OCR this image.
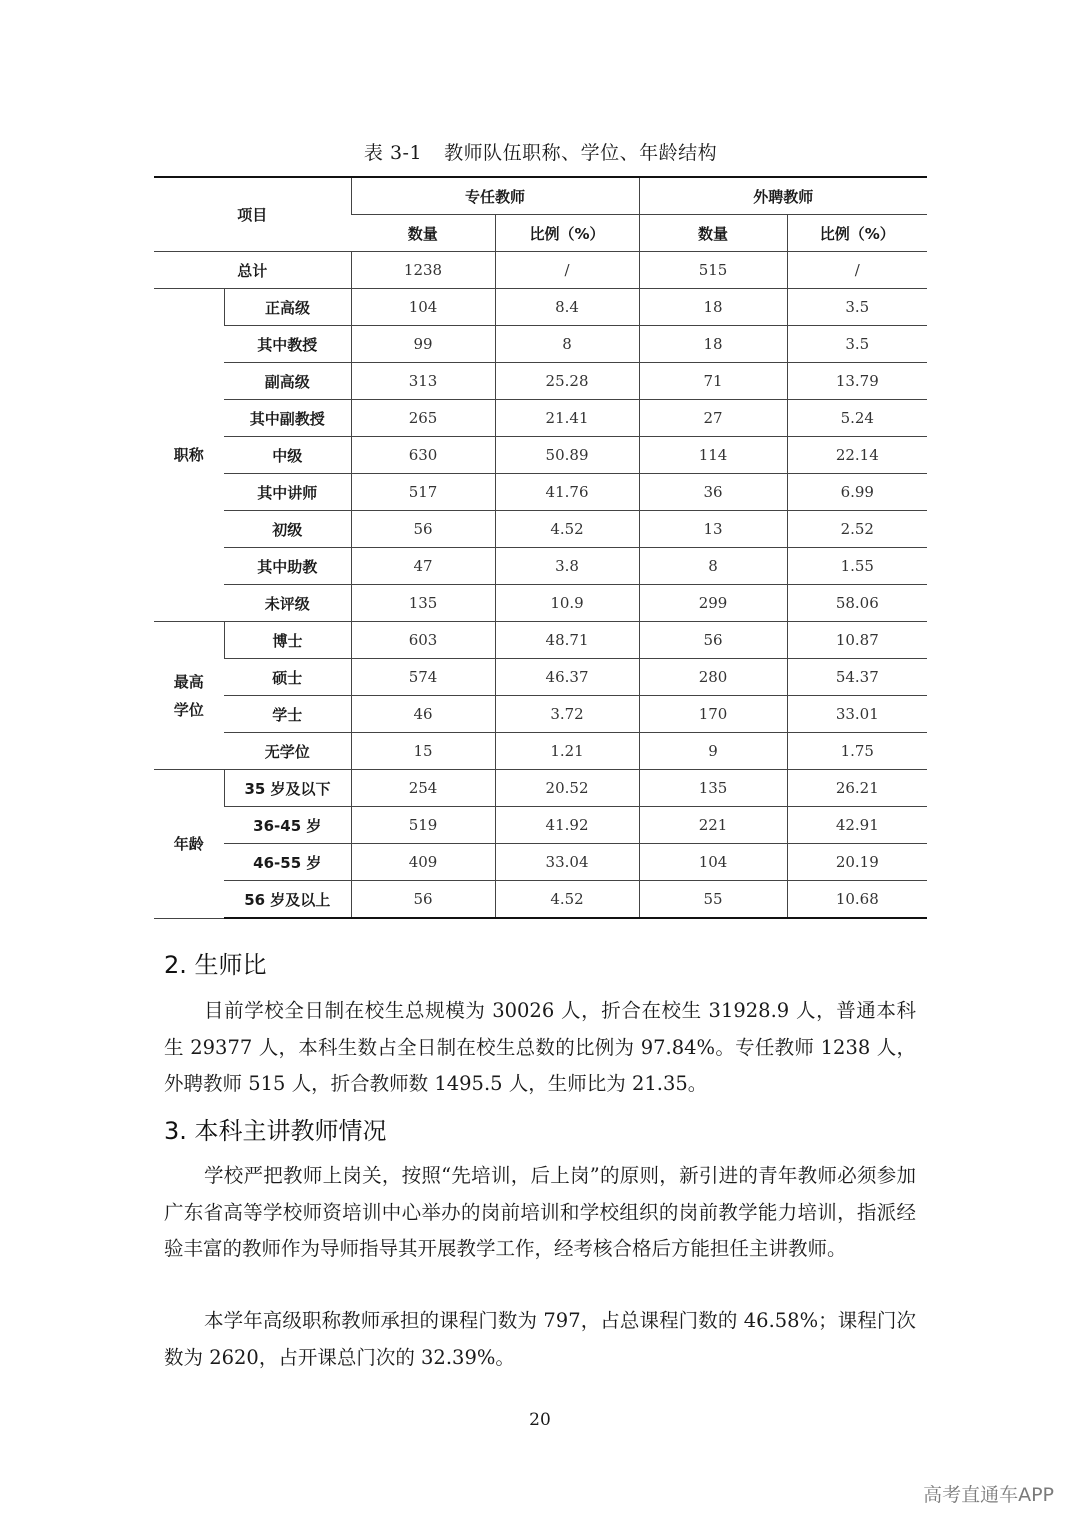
表 3-1 教师队伍职称、学位、年龄结构
项目		专任教师		外聘教师	
		数量	比例（%）	数量	比例（%）
总计		1238	/	515	/
职称	正高级	104	8.4	18	3.5
	其中教授	99	8	18	3.5
	副高级	313	25.28	71	13.79
	其中副教授	265	21.41	27	5.24
	中级	630	50.89	114	22.14
	其中讲师	517	41.76	36	6.99
	初级	56	4.52	13	2.52
	其中助教	47	3.8	8	1.55
	未评级	135	10.9	299	58.06
最高
学位	博士	603	48.71	56	10.87
	硕士	574	46.37	280	54.37
	学士	46	3.72	170	33.01
	无学位	15	1.21	9	1.75
年龄	35 岁及以下	254	20.52	135	26.21
	36-45 岁	519	41.92	221	42.91
	46-55 岁	409	33.04	104	20.19
	56 岁及以上	56	4.52	55	10.68
2. 生师比

目前学校全日制在校生总规模为 30026 人，折合在校生 31928.9 人，普通本科生 29377 人，本科生数占全日制在校生总数的比例为 97.84%。专任教师 1238 人，外聘教师 515 人，折合教师数 1495.5 人，生师比为 21.35。

3. 本科主讲教师情况

学校严把教师上岗关，按照“先培训，后上岗”的原则，新引进的青年教师必须参加广东省高等学校师资培训中心举办的岗前培训和学校组织的岗前教学能力培训，指派经验丰富的教师作为导师指导其开展教学工作，经考核合格后方能担任主讲教师。

本学年高级职称教师承担的课程门数为 797，占总课程门数的 46.58%；课程门次数为 2620，占开课总门次的 32.39%。

20
高考直通车APP
